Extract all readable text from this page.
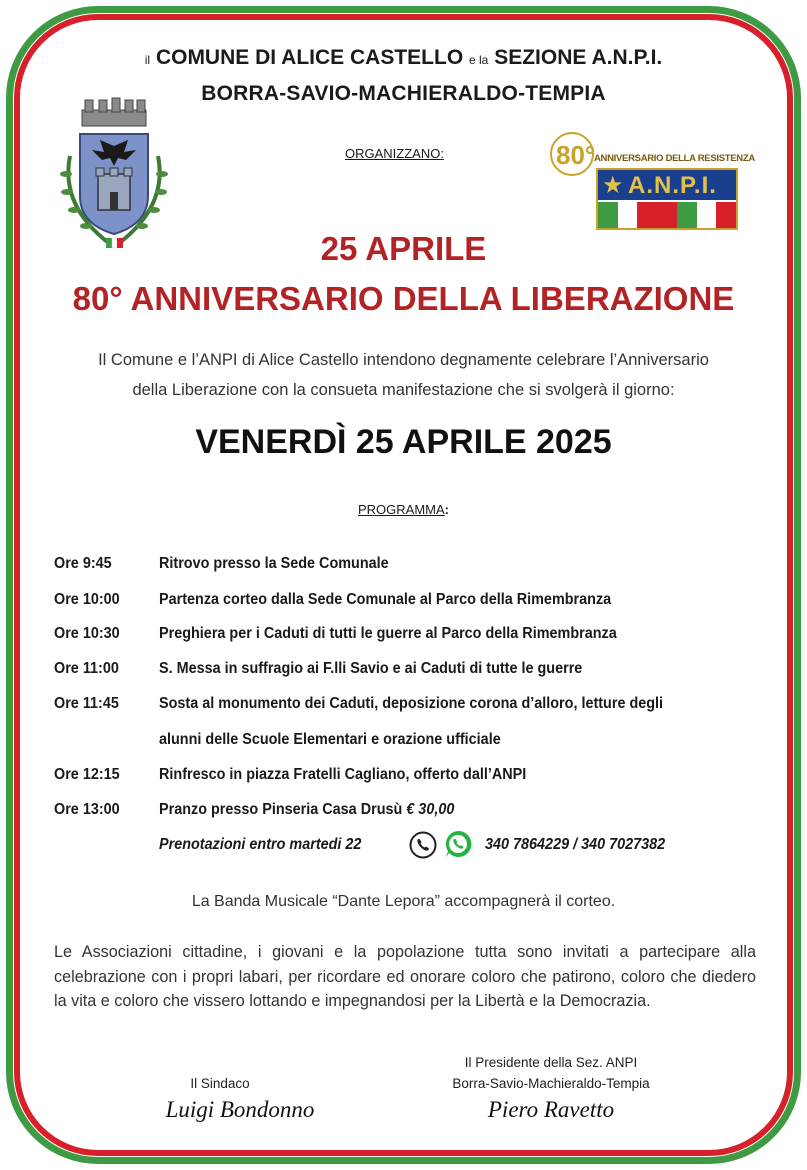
il COMUNE DI ALICE CASTELLO e la SEZIONE A.N.P.I.
BORRA-SAVIO-MACHIERALDO-TEMPIA
ORGANIZZANO:	80°
ANNIVERSARIO DELLA RESISTENZA
★ A.N.P.I.
25 APRILE
80° ANNIVERSARIO DELLA LIBERAZIONE
Il Comune e l’ANPI di Alice Castello intendono degnamente celebrare l’Anniversario
della Liberazione con la consueta manifestazione che si svolgerà il giorno:
VENERDÌ 25 APRILE 2025
PROGRAMMA:
Ore 9:45	Ritrovo presso la Sede Comunale
Ore 10:00 Partenza corteo dalla Sede Comunale al Parco della Rimembranza
Ore 10:30 Preghiera per i Caduti di tutti le guerre al Parco della Rimembranza
Ore 11:00	S. Messa in suffragio ai F.lli Savio e ai Caduti di tutte le guerre
Ore 11:45	Sosta al monumento dei Caduti, deposizione corona d’alloro, letture degli
alunni delle Scuole Elementari e orazione ufficiale
Ore 12:15 Rinfresco in piazza Fratelli Cagliano, offerto dall’ANPI
Ore 13:00 Pranzo presso Pinseria Casa Drusù € 30,00
Prenotazioni entro martedi 22	340 7864229 / 340 7027382
La Banda Musicale “Dante Lepora” accompagnerà il corteo.
Le Associazioni cittadine, i giovani e la popolazione tutta sono invitati a partecipare alla celebrazione con i propri labari, per ricordare ed onorare coloro che patirono, coloro che diedero la vita e coloro che vissero lottando e impegnandosi per la Libertà e la Democrazia.
Il Sindaco
Luigi Bondonno
Il Presidente della Sez. ANPI
Borra-Savio-Machieraldo-Tempia
Piero Ravetto
